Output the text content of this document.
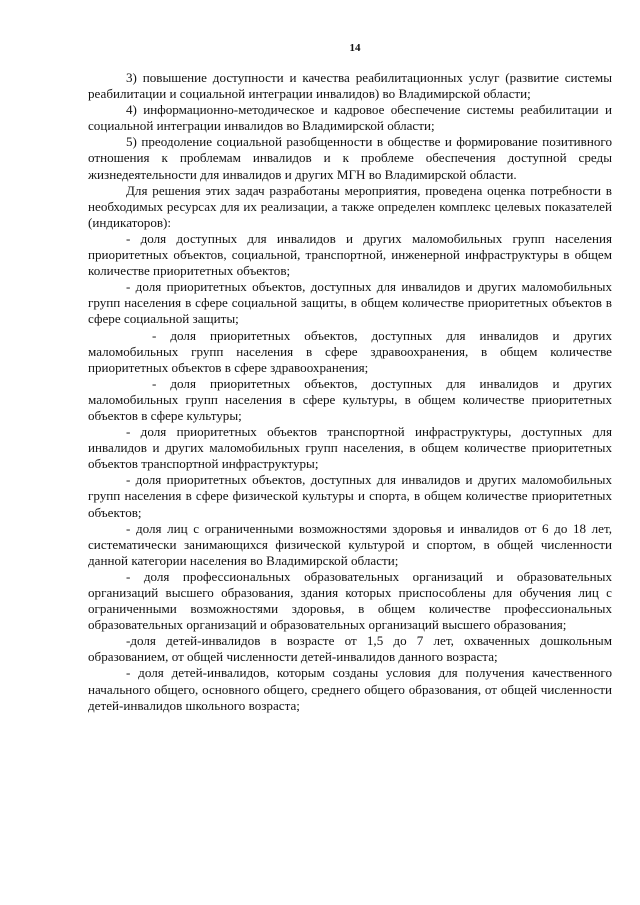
14

3) повышение доступности и качества реабилитационных услуг (развитие системы реабилитации и социальной интеграции инвалидов) во Владимирской области;

4) информационно-методическое и кадровое обеспечение системы реабилитации и социальной интеграции инвалидов во Владимирской области;

5) преодоление социальной разобщенности в обществе и формирование позитивного отношения к проблемам инвалидов и к проблеме обеспечения доступной среды жизнедеятельности для инвалидов и других МГН во Владимирской области.

Для решения этих задач разработаны мероприятия, проведена оценка потребности в необходимых ресурсах для их реализации, а также определен комплекс целевых показателей (индикаторов):

- доля доступных для инвалидов и других маломобильных групп населения приоритетных объектов, социальной, транспортной, инженерной инфраструктуры в общем количестве приоритетных объектов;

- доля приоритетных объектов, доступных для инвалидов и других маломобильных групп населения в сфере социальной защиты, в общем количестве приоритетных объектов в сфере социальной защиты;

- доля приоритетных объектов, доступных для инвалидов и других маломобильных групп населения в сфере здравоохранения, в общем количестве приоритетных объектов в сфере здравоохранения;

- доля приоритетных объектов, доступных для инвалидов и других маломобильных групп населения в сфере культуры, в общем количестве приоритетных объектов в сфере культуры;

- доля приоритетных объектов транспортной инфраструктуры, доступных для инвалидов и других маломобильных групп населения, в общем количестве приоритетных объектов транспортной инфраструктуры;

- доля приоритетных объектов, доступных для инвалидов и других маломобильных групп населения в сфере физической культуры и спорта, в общем количестве приоритетных объектов;

- доля лиц с ограниченными возможностями здоровья и инвалидов от 6 до 18 лет, систематически занимающихся физической культурой и спортом, в общей численности данной категории населения во Владимирской области;

- доля профессиональных образовательных организаций и образовательных организаций высшего образования, здания которых приспособлены для обучения лиц с ограниченными возможностями здоровья, в общем количестве профессиональных образовательных организаций и образовательных организаций высшего образования;

-доля детей-инвалидов в возрасте от 1,5 до 7 лет, охваченных дошкольным образованием, от общей численности детей-инвалидов данного возраста;

- доля детей-инвалидов, которым созданы условия для получения качественного начального общего, основного общего, среднего общего образования, от общей численности детей-инвалидов школьного возраста;
